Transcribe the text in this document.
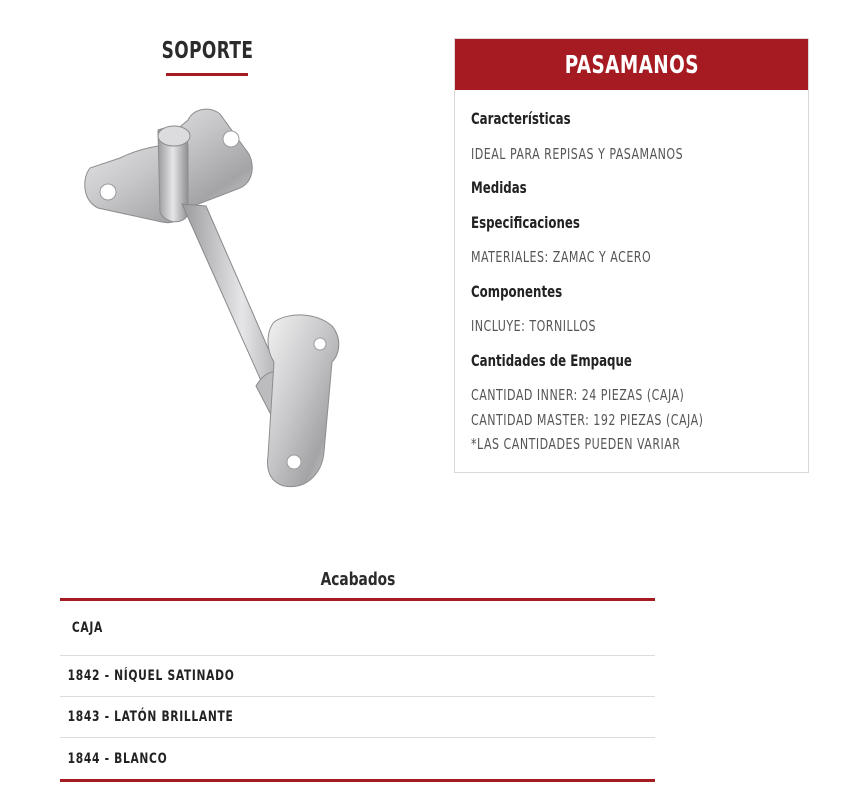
SOPORTE	PASAMANOS
Características
IDEAL PARA REPISAS Y PASAMANOS
Medidas
Especificaciones
MATERIALES: ZAMAC Y ACERO
Componentes
INCLUYE: TORNILLOS
Cantidades de Empaque
CANTIDAD INNER: 24 PIEZAS (CAJA)
CANTIDAD MASTER: 192 PIEZAS (CAJA)
*LAS CANTIDADES PUEDEN VARIAR
Acabados
CAJA
1842 - NÍQUEL SATINADO
1843 - LATÓN BRILLANTE
1844 - BLANCO
